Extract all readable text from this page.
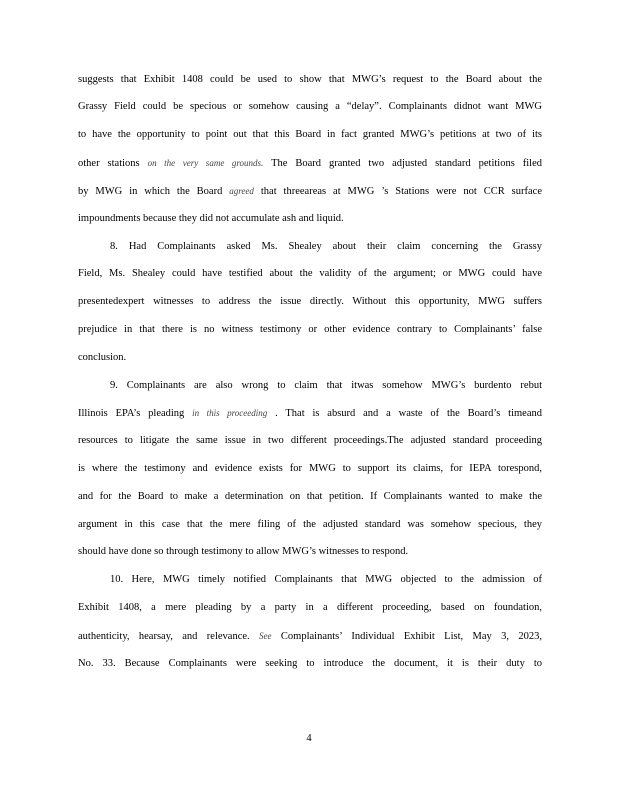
suggests that Exhibit 1408 could be used to show that MWG’s request to the Board about the
Grassy Field could be specious or somehow causing a “delay”. Complainants didnot want MWG
to have the opportunity to point out that this Board in fact granted MWG’s petitions at two of its
other stations on the very same grounds. The Board granted two adjusted standard petitions filed
by MWG in which the Board agreed that threeareas at MWG ’s Stations were not CCR surface
impoundments because they did not accumulate ash and liquid.
8. Had Complainants asked Ms. Shealey about their claim concerning the Grassy
Field, Ms. Shealey could have testified about the validity of the argument; or MWG could have
presentedexpert witnesses to address the issue directly. Without this opportunity, MWG suffers
prejudice in that there is no witness testimony or other evidence contrary to Complainants’ false
conclusion.
9. Complainants are also wrong to claim that itwas somehow MWG’s burdento rebut
Illinois EPA’s pleading in this proceeding . That is absurd and a waste of the Board’s timeand
resources to litigate the same issue in two different proceedings.The adjusted standard proceeding
is where the testimony and evidence exists for MWG to support its claims, for IEPA torespond,
and for the Board to make a determination on that petition. If Complainants wanted to make the
argument in this case that the mere filing of the adjusted standard was somehow specious, they
should have done so through testimony to allow MWG’s witnesses to respond.
10. Here, MWG timely notified Complainants that MWG objected to the admission of
Exhibit 1408, a mere pleading by a party in a different proceeding, based on foundation,
authenticity, hearsay, and relevance. See Complainants’ Individual Exhibit List, May 3, 2023,
No. 33. Because Complainants were seeking to introduce the document, it is their duty to
4
